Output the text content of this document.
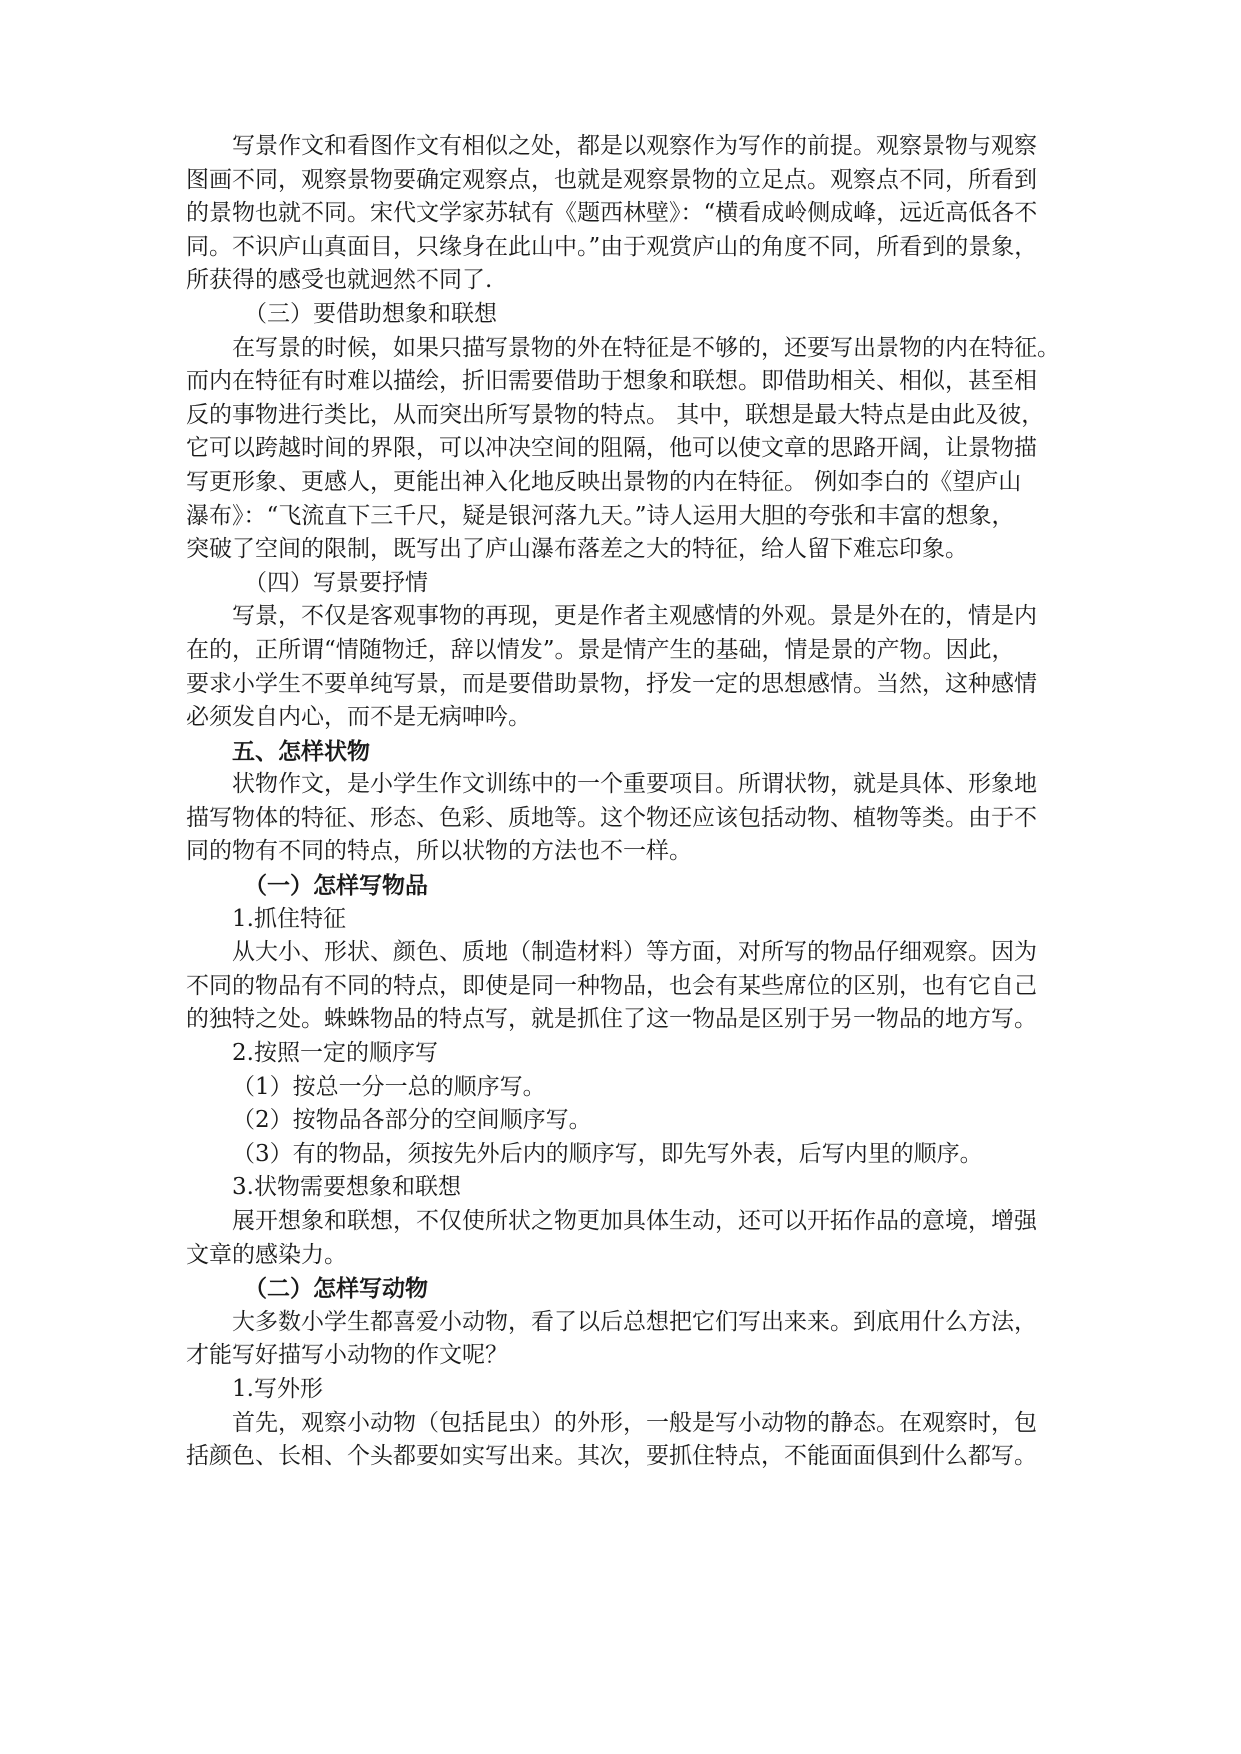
写景作文和看图作文有相似之处，都是以观察作为写作的前提。观察景物与观察
图画不同，观察景物要确定观察点，也就是观察景物的立足点。观察点不同，所看到
的景物也就不同。宋代文学家苏轼有《题西林壁》：“横看成岭侧成峰，远近高低各不
同。不识庐山真面目，只缘身在此山中。”由于观赏庐山的角度不同，所看到的景象，
所获得的感受也就迥然不同了.

（三）要借助想象和联想

在写景的时候，如果只描写景物的外在特征是不够的，还要写出景物的内在特征。
而内在特征有时难以描绘，折旧需要借助于想象和联想。即借助相关、相似，甚至相
反的事物进行类比，从而突出所写景物的特点。 其中，联想是最大特点是由此及彼，
它可以跨越时间的界限，可以冲决空间的阻隔，他可以使文章的思路开阔，让景物描
写更形象、更感人，更能出神入化地反映出景物的内在特征。 例如李白的《望庐山
瀑布》：“飞流直下三千尺，疑是银河落九天。”诗人运用大胆的夸张和丰富的想象，
突破了空间的限制，既写出了庐山瀑布落差之大的特征，给人留下难忘印象。

（四）写景要抒情

写景，不仅是客观事物的再现，更是作者主观感情的外观。景是外在的，情是内
在的，正所谓“情随物迁，辞以情发”。景是情产生的基础，情是景的产物。因此，
要求小学生不要单纯写景，而是要借助景物，抒发一定的思想感情。当然，这种感情
必须发自内心，而不是无病呻吟。

五、怎样状物

状物作文，是小学生作文训练中的一个重要项目。所谓状物，就是具体、形象地
描写物体的特征、形态、色彩、质地等。这个物还应该包括动物、植物等类。由于不
同的物有不同的特点，所以状物的方法也不一样。

（一）怎样写物品

1.抓住特征

从大小、形状、颜色、质地（制造材料）等方面，对所写的物品仔细观察。因为
不同的物品有不同的特点，即使是同一种物品，也会有某些席位的区别，也有它自己
的独特之处。蛛蛛物品的特点写，就是抓住了这一物品是区别于另一物品的地方写。

2.按照一定的顺序写

（1）按总一分一总的顺序写。

（2）按物品各部分的空间顺序写。

（3）有的物品，须按先外后内的顺序写，即先写外表，后写内里的顺序。

3.状物需要想象和联想

展开想象和联想，不仅使所状之物更加具体生动，还可以开拓作品的意境，增强
文章的感染力。

（二）怎样写动物

大多数小学生都喜爱小动物，看了以后总想把它们写出来来。到底用什么方法，
才能写好描写小动物的作文呢？

1.写外形

首先，观察小动物（包括昆虫）的外形，一般是写小动物的静态。在观察时，包
括颜色、长相、个头都要如实写出来。其次，要抓住特点，不能面面俱到什么都写。
